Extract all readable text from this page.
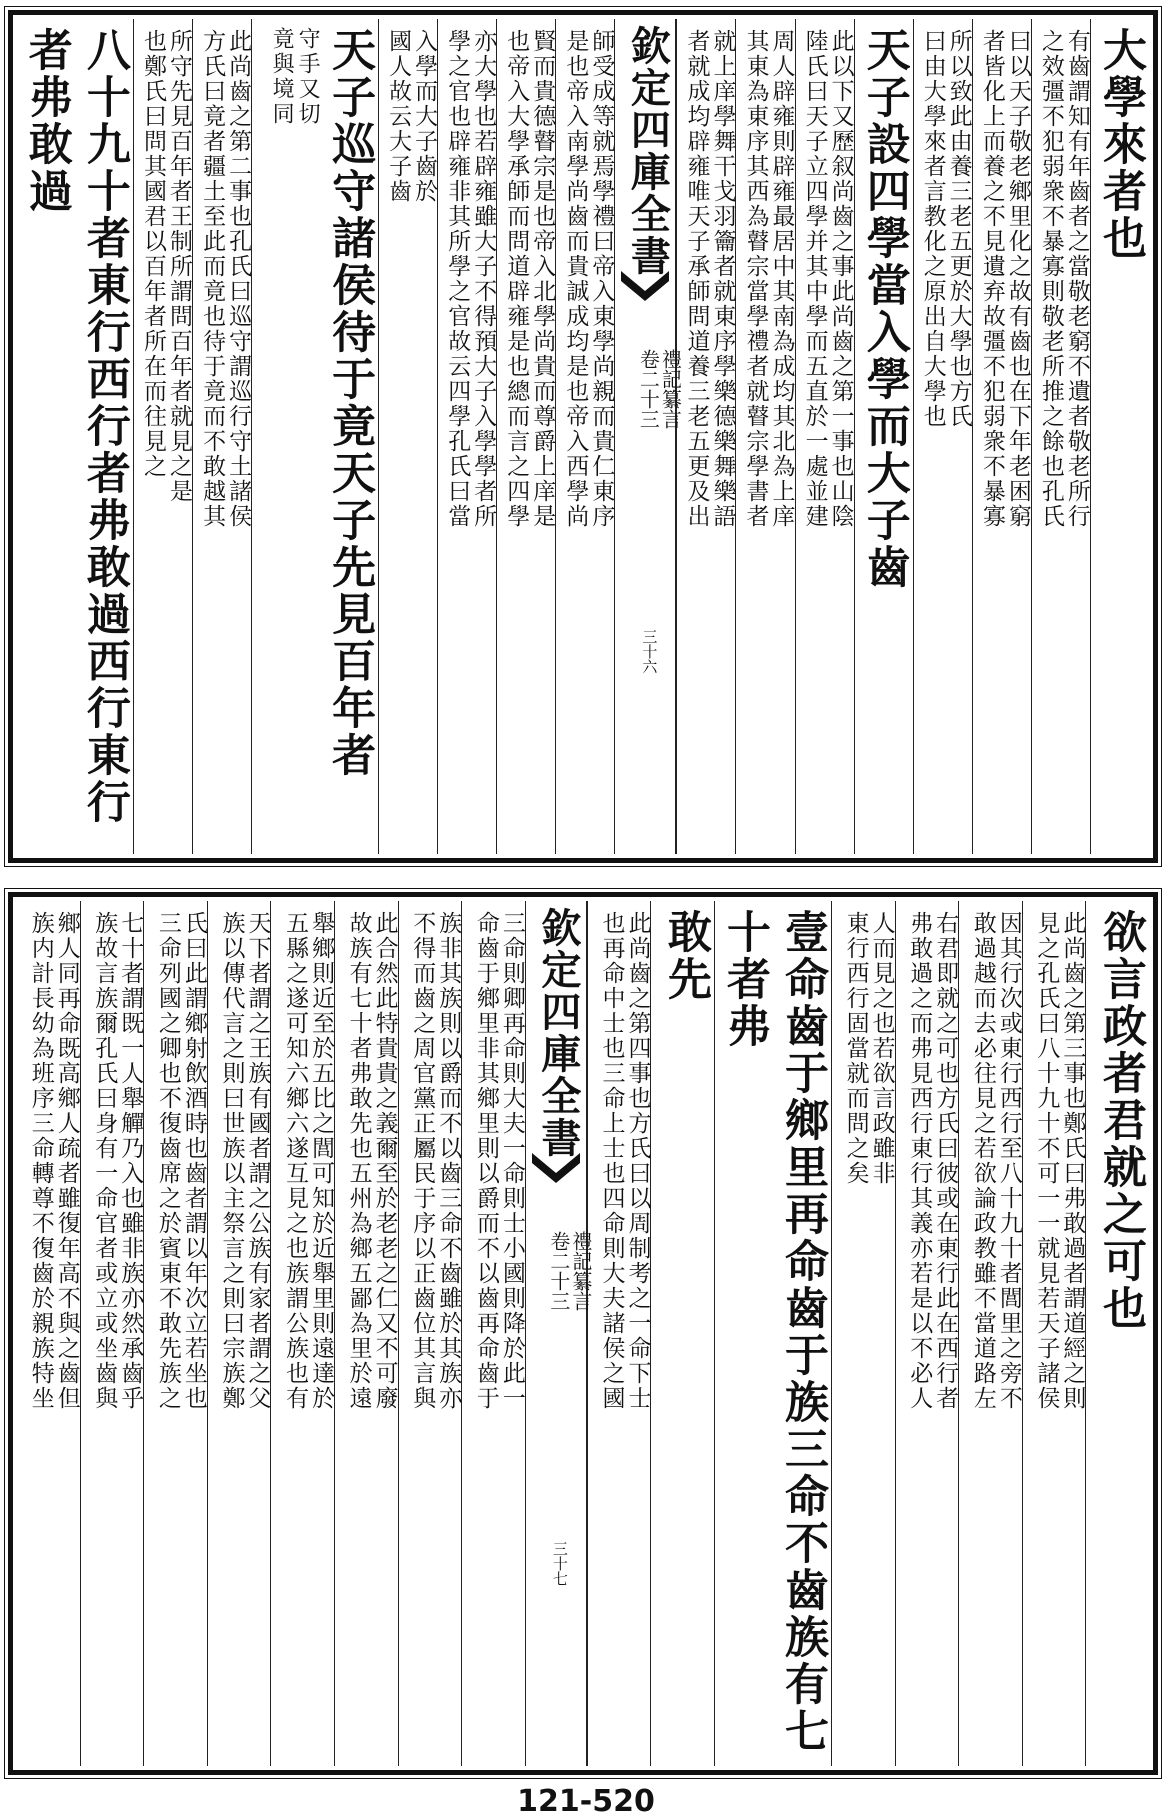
大學來者也
有齒謂知有年齒者之當敬老窮不遺者敬老所行
之效彊不犯弱衆不暴寡則敬老所推之餘也孔氏
曰以天子敬老鄉里化之故有齒也在下年老困窮
者皆化上而養之不見遺弃故彊不犯弱衆不暴寡
所以致此由養三老五更於大學也方氏
曰由大學來者言教化之原出自大學也
天子設四學當入學而大子齒
此以下又歷叙尚齒之事此尚齒之第一事也山陰
陸氏曰天子立四學并其中學而五直於一處並建
周人辟雍則辟雍最居中其南為成均其北為上庠
其東為東序其西為瞽宗當學禮者就瞽宗學書者
就上庠學舞干戈羽籥者就東序學樂德樂舞樂語
者就成均辟雍唯天子承師問道養三老五更及出
欽定四庫全書
禮記纂言
卷二十三
三十六
師受成等就焉學禮曰帝入東學尚親而貴仁東序
是也帝入南學尚齒而貴誠成均是也帝入西學尚
賢而貴德瞽宗是也帝入北學尚貴而尊爵上庠是
也帝入大學承師而問道辟雍是也總而言之四學
亦大學也若辟雍雖大子不得預大子入學學者所
學之官也辟雍非其所學之官故云四學孔氏曰當
入學而大子齒於
國人故云大子齒
天子巡守諸侯待于竟天子先見百年者
守手又切
竟與境同
此尚齒之第二事也孔氏曰巡守謂巡行守土諸侯
方氏曰竟者疆土至此而竟也待于竟而不敢越其
所守先見百年者王制所謂問百年者就見之是
也鄭氏曰問其國君以百年者所在而往見之
八十九十者東行西行者弗敢過西行東行者弗敢過
欲言政者君就之可也
此尚齒之第三事也鄭氏曰弗敢過者謂道經之則
見之孔氏曰八十九十不可一一就見若天子諸侯
因其行次或東行西行至八十九十者閭里之旁不
敢過越而去必往見之若欲論政教雖不當道路左
右君即就之可也方氏曰彼或在東行此在西行者
弗敢過之而弗見西行東行其義亦若是以不必人
人而見之也若欲言政雖非
東行西行固當就而問之矣
壹命齒于鄉里再命齒于族三命不齒族有七十者弗
敢先
此尚齒之第四事也方氏曰以周制考之一命下士
也再命中士也三命上士也四命則大夫諸侯之國
欽定四庫全書
禮記纂言
卷二十三
三十七
三命則卿再命則大夫一命則士小國則降於此一
命齒于鄉里非其鄉里則以爵而不以齒再命齒于
族非其族則以爵而不以齒三命不齒雖於其族亦
不得而齒之周官黨正屬民于序以正齒位其言與
此合然此特貴貴之義爾至於老老之仁又不可廢
故族有七十者弗敢先也五州為鄉五鄙為里於遠
舉鄉則近至於五比之閭可知於近舉里則遠達於
五縣之遂可知六鄉六遂互見之也族謂公族也有
天下者謂之王族有國者謂之公族有家者謂之父
族以傳代言之則曰世族以主祭言之則曰宗族鄭
氏曰此謂鄉射飲酒時也齒者謂以年次立若坐也
三命列國之卿也不復齒席之於賓東不敢先族之
七十者謂既一人舉觶乃入也雖非族亦然承齒乎
族故言族爾孔氏曰身有一命官者或立或坐齒與
鄉人同再命既高鄉人疏者雖復年高不與之齒但
族内計長幼為班序三命轉尊不復齒於親族特坐
121-520
